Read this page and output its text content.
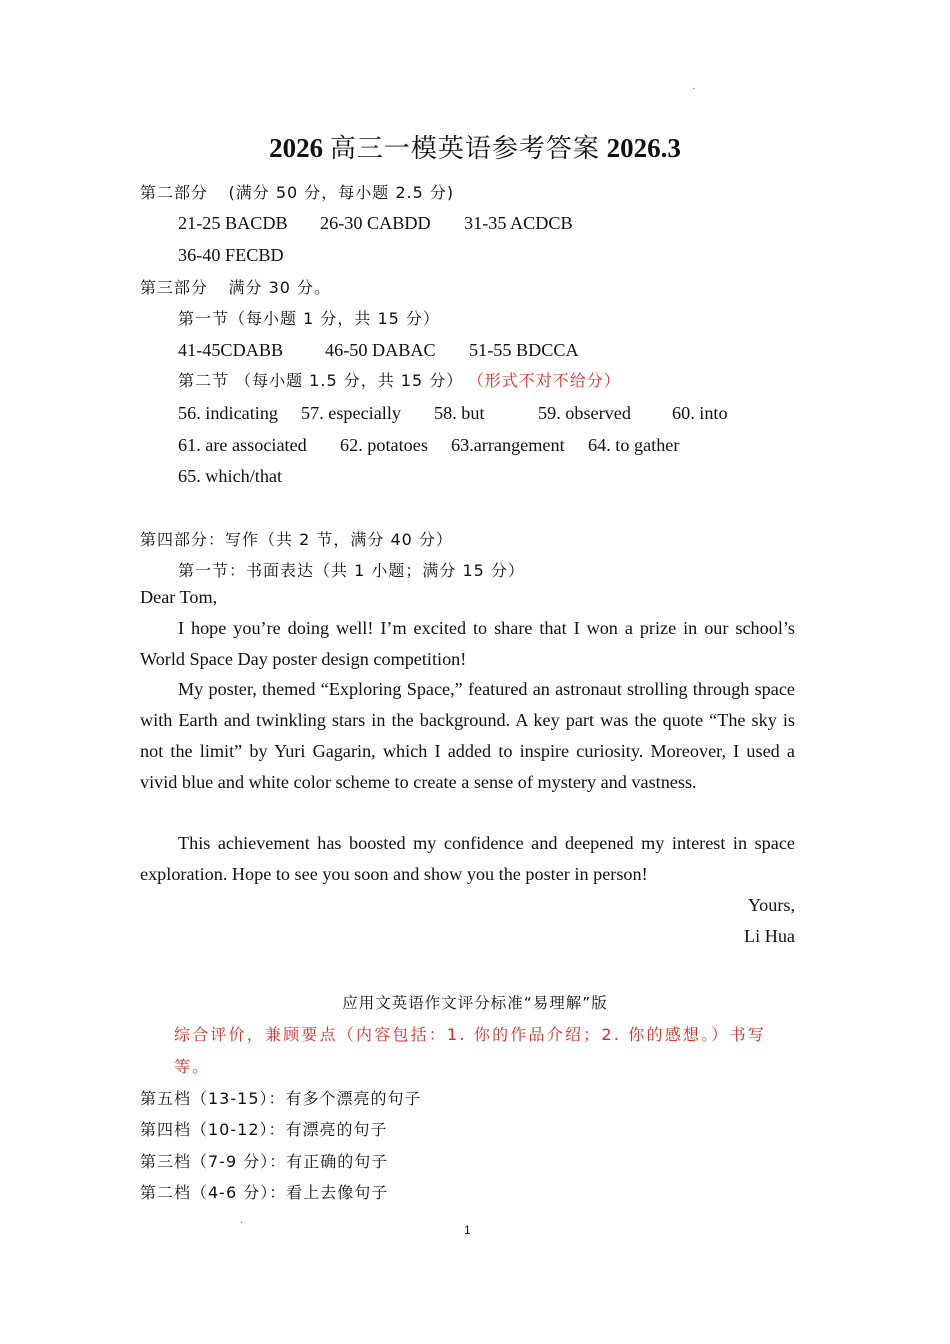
·
2026 高三一模英语参考答案 2026.3
第二部分 (满分 50 分，每小题 2.5 分)
21-25 BACDB 26-30 CABDD 31-35 ACDCB
36-40 FECBD
第三部分 满分 30 分。
第一节（每小题 1 分，共 15 分）
41-45CDABB 46-50 DABAC 51-55 BDCCA
第二节 （每小题 1.5 分，共 15 分） （形式不对不给分）
56. indicating 57. especially 58. but	59. observed 60. into
61. are associated 62. potatoes 63.arrangement 64. to gather
65. which/that
第四部分：写作（共 2 节，满分 40 分）
第一节：书面表达（共 1 小题；满分 15 分）
Dear Tom,
I hope you’re doing well! I’m excited to share that I won a prize in our school’s World Space Day poster design competition!
My poster, themed “Exploring Space,” featured an astronaut strolling through space with Earth and twinkling stars in the background. A key part was the quote “The sky is not the limit” by Yuri Gagarin, which I added to inspire curiosity. Moreover, I used a vivid blue and white color scheme to create a sense of mystery and vastness.
This achievement has boosted my confidence and deepened my interest in space exploration. Hope to see you soon and show you the poster in person!
Yours,
Li Hua
应用文英语作文评分标准“易理解”版
综合评价，兼顾要点（内容包括：1. 你的作品介绍；2. 你的感想。）书写
等。
第五档（13-15）：有多个漂亮的句子
第四档（10-12）：有漂亮的句子
第三档（7-9 分）：有正确的句子
第二档（4-6 分）：看上去像句子
·	1
